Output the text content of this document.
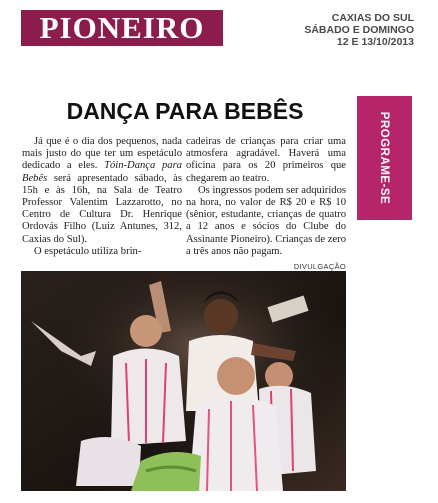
PIONEIRO	CAXIAS DO SUL
SÁBADO E DOMINGO
12 E 13/10/2013
PROGRAME-SE
DANÇA PARA BEBÊS

Já que é o dia dos pequenos, nada mais justo do que ter um espetáculo dedicado a eles. Tóin-Dança para Bebês será apresentado sábado, às 15h e às 16h, na Sala de Teatro Professor Valentim Lazzarotto, no Centro de Cultura Dr. Henrique Ordovás Filho (Luiz Antunes, 312, Caxias do Sul).

O espetáculo utiliza brin-

cadeiras de crianças para criar uma atmosfera agradável. Haverá uma oficina para os 20 primeiros que chegarem ao teatro.

Os ingressos podem ser adquiridos na hora, no valor de R$ 20 e R$ 10 (sênior, estudante, crianças de quatro a 12 anos e sócios do Clube do Assinante Pioneiro). Crianças de zero a três anos não pagam.

DIVULGAÇÃO
